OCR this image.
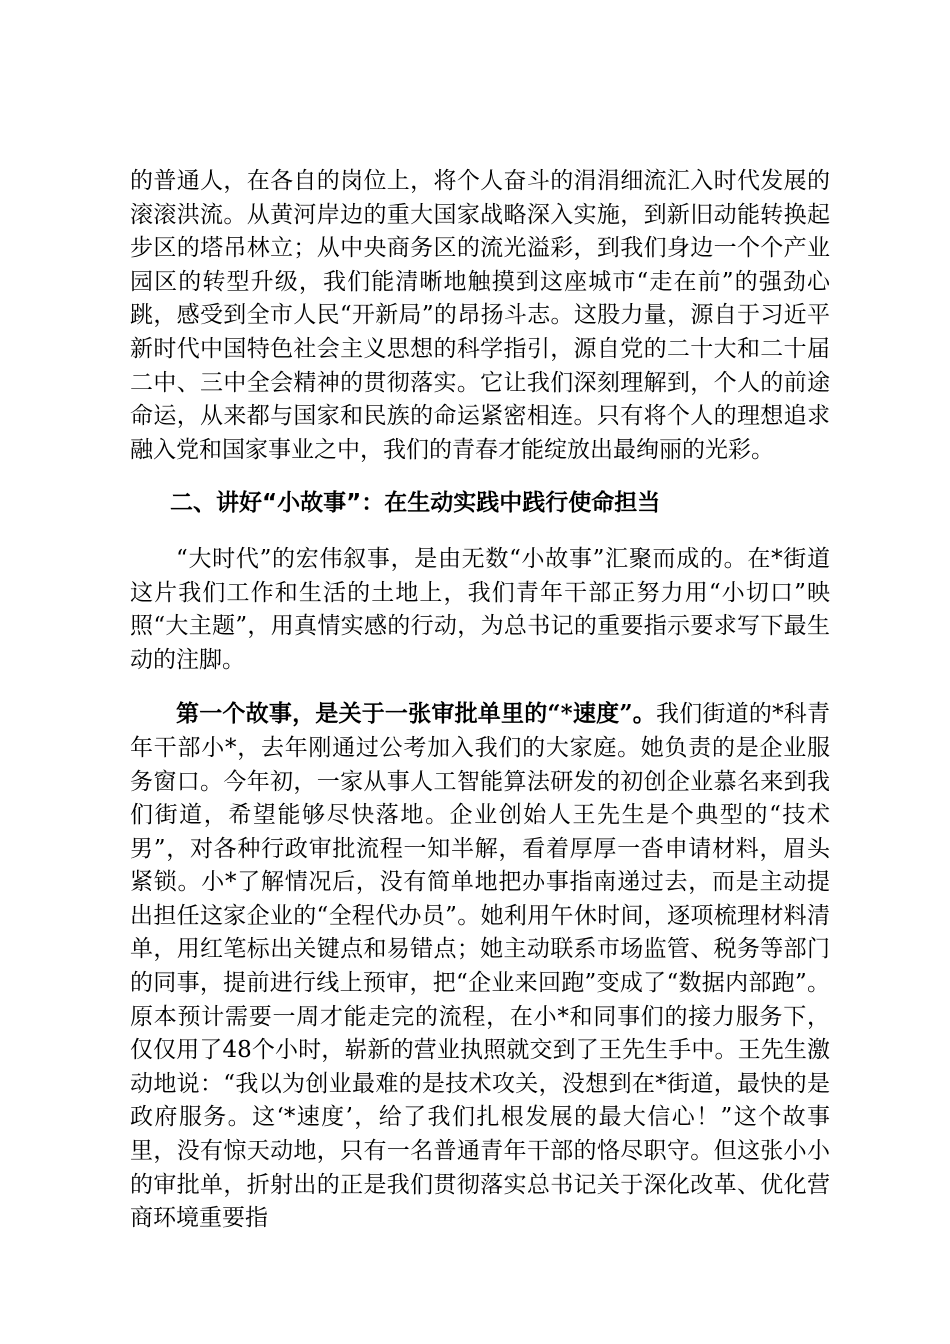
的普通人，在各自的岗位上，将个人奋斗的涓涓细流汇入时代发展的滚滚洪流。从黄河岸边的重大国家战略深入实施，到新旧动能转换起步区的塔吊林立；从中央商务区的流光溢彩，到我们身边一个个产业园区的转型升级，我们能清晰地触摸到这座城市“走在前”的强劲心跳，感受到全市人民“开新局”的昂扬斗志。这股力量，源自于习近平新时代中国特色社会主义思想的科学指引，源自党的二十大和二十届二中、三中全会精神的贯彻落实。它让我们深刻理解到，个人的前途命运，从来都与国家和民族的命运紧密相连。只有将个人的理想追求融入党和国家事业之中，我们的青春才能绽放出最绚丽的光彩。

二、讲好“小故事”：在生动实践中践行使命担当

“大时代”的宏伟叙事，是由无数“小故事”汇聚而成的。在*街道这片我们工作和生活的土地上，我们青年干部正努力用“小切口”映照“大主题”，用真情实感的行动，为总书记的重要指示要求写下最生动的注脚。

第一个故事，是关于一张审批单里的“*速度”。我们街道的*科青年干部小*，去年刚通过公考加入我们的大家庭。她负责的是企业服务窗口。今年初，一家从事人工智能算法研发的初创企业慕名来到我们街道，希望能够尽快落地。企业创始人王先生是个典型的“技术男”，对各种行政审批流程一知半解，看着厚厚一沓申请材料，眉头紧锁。小*了解情况后，没有简单地把办事指南递过去，而是主动提出担任这家企业的“全程代办员”。她利用午休时间，逐项梳理材料清单，用红笔标出关键点和易错点；她主动联系市场监管、税务等部门的同事，提前进行线上预审，把“企业来回跑”变成了“数据内部跑”。原本预计需要一周才能走完的流程，在小*和同事们的接力服务下，仅仅用了48个小时，崭新的营业执照就交到了王先生手中。王先生激动地说：“我以为创业最难的是技术攻关，没想到在*街道，最快的是政府服务。这‘*速度’，给了我们扎根发展的最大信心！”这个故事里，没有惊天动地，只有一名普通青年干部的恪尽职守。但这张小小的审批单，折射出的正是我们贯彻落实总书记关于深化改革、优化营商环境重要指
